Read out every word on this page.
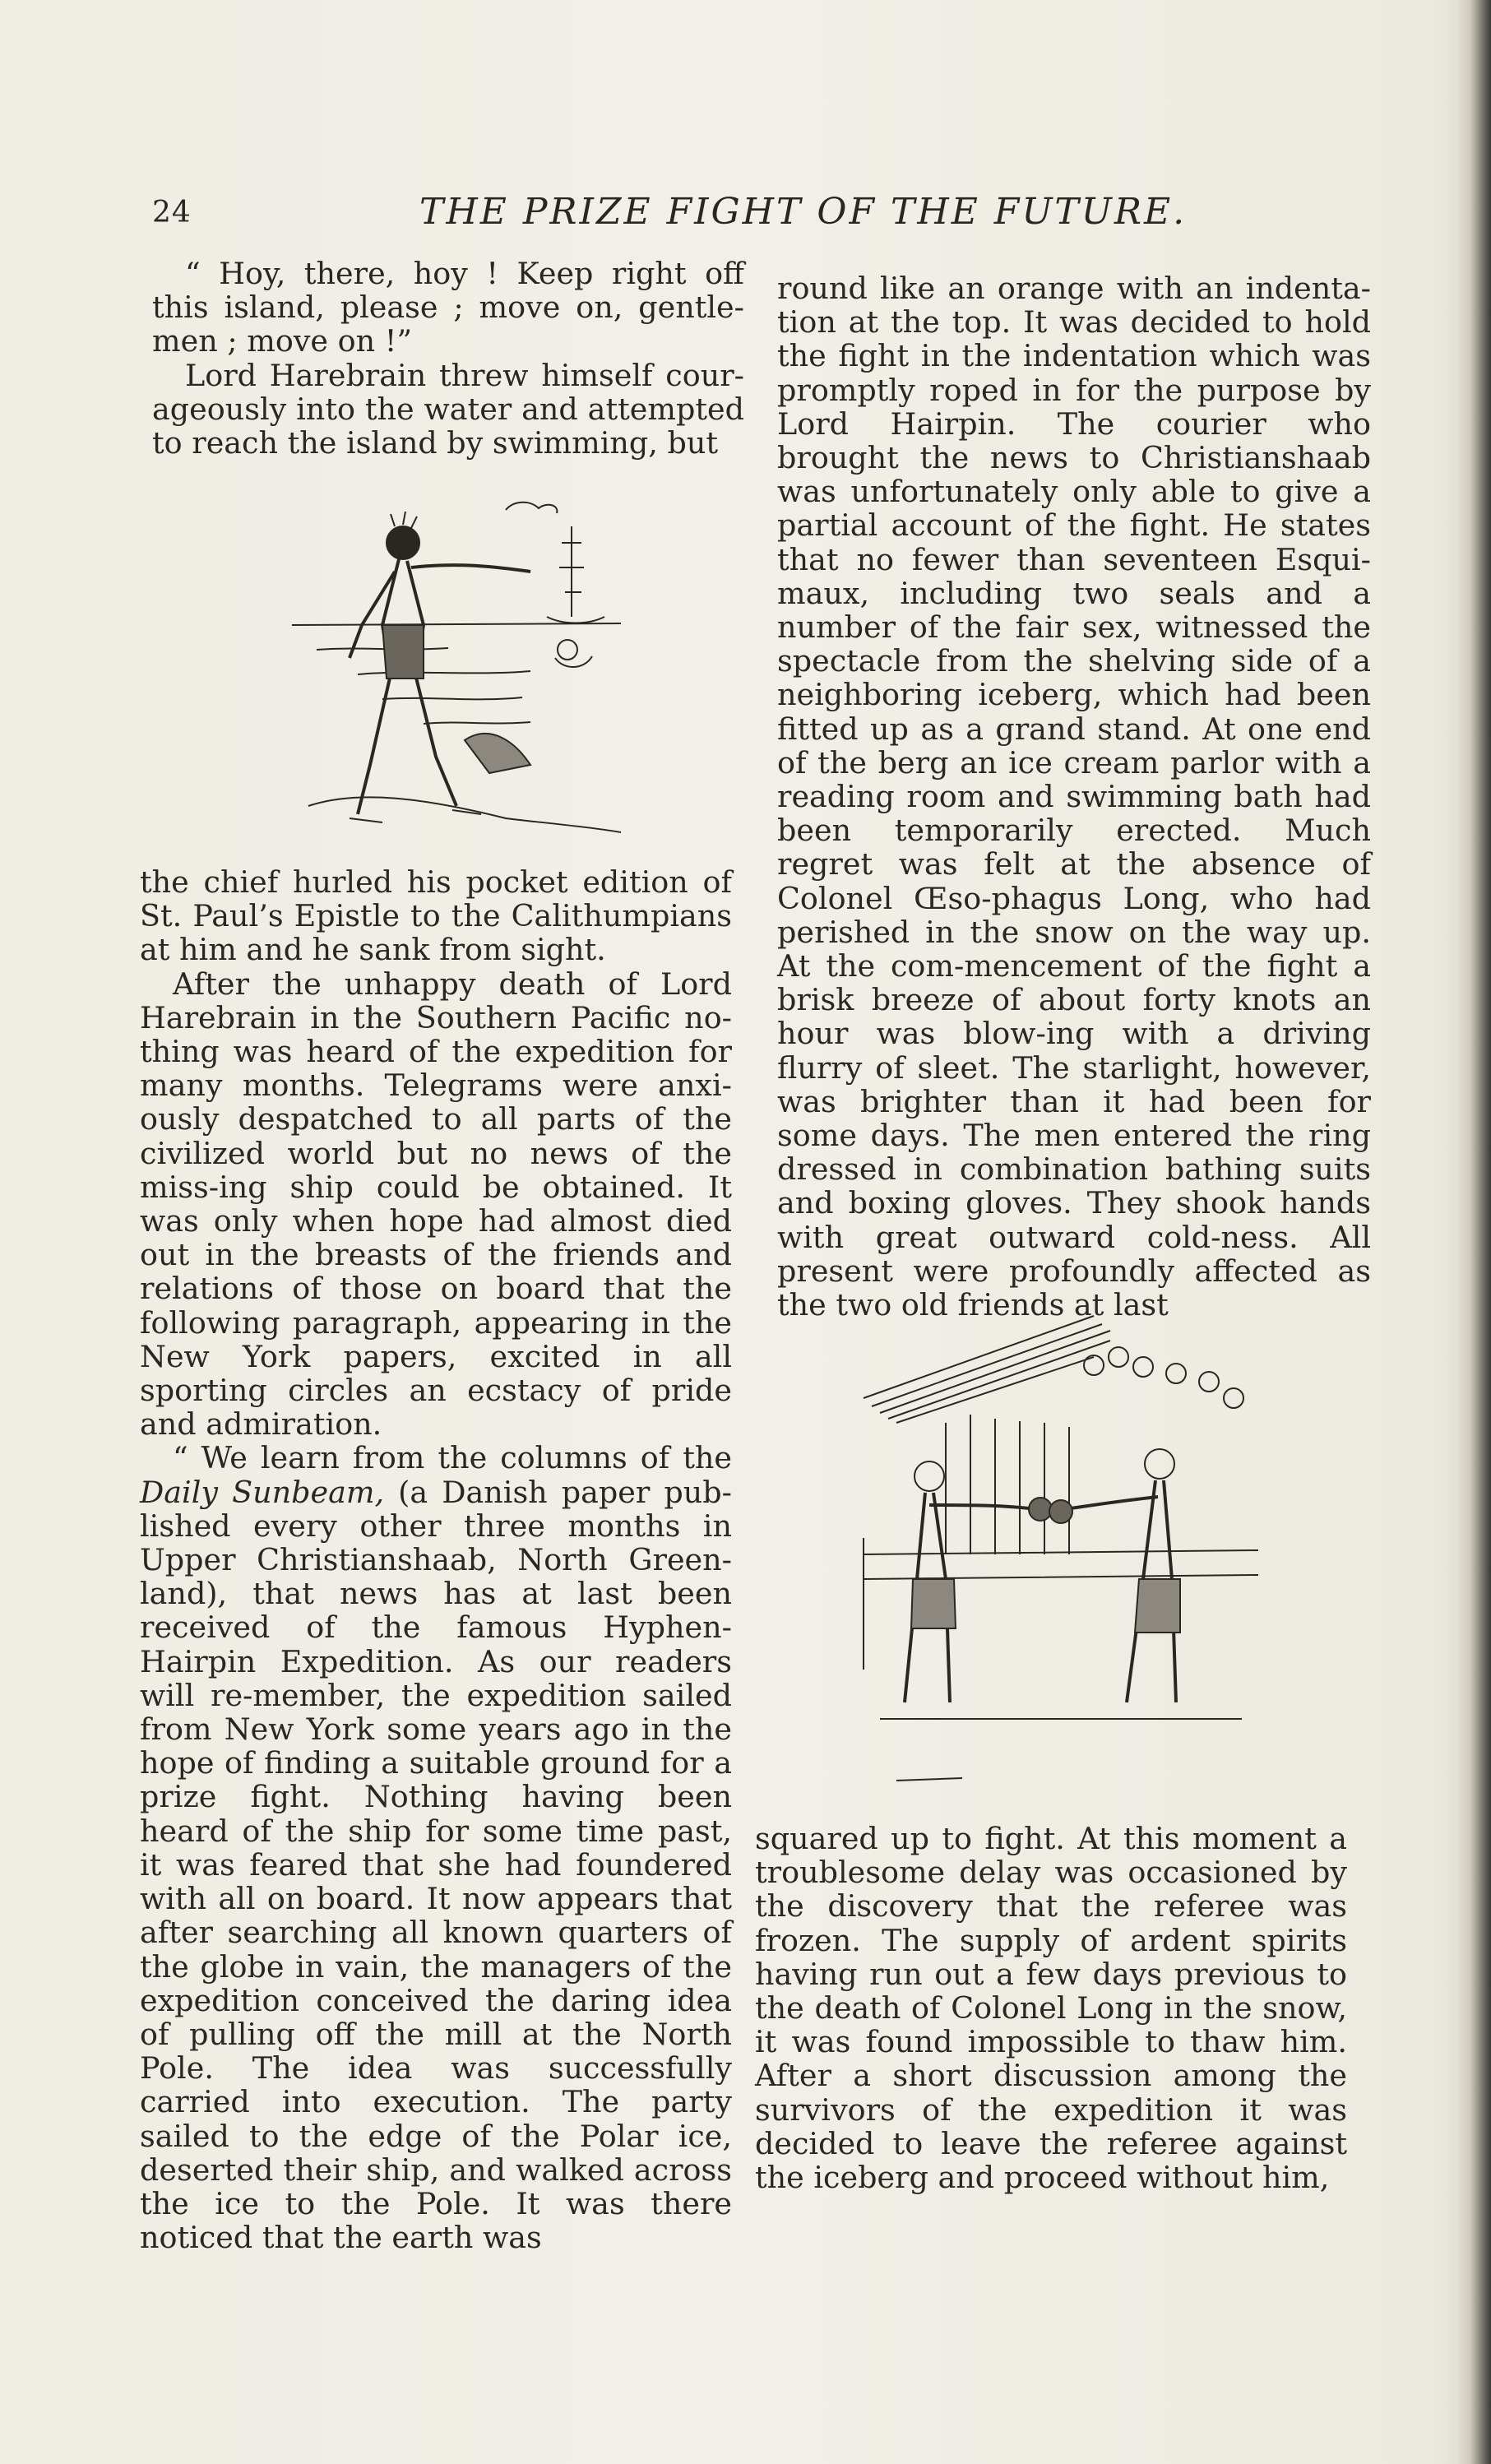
24	THE PRIZE FIGHT OF THE FUTURE.

“ Hoy, there, hoy ! Keep right off this island, please ; move on, gentle-men ; move on !”

Lord Harebrain threw himself cour-ageously into the water and attempted to reach the island by swimming, but

the chief hurled his pocket edition of St. Paul’s Epistle to the Calithumpians at him and he sank from sight.

After the unhappy death of Lord Harebrain in the Southern Pacific no-thing was heard of the expedition for many months. Telegrams were anxi-ously despatched to all parts of the civilized world but no news of the miss-ing ship could be obtained. It was only when hope had almost died out in the breasts of the friends and relations of those on board that the following paragraph, appearing in the New York papers, excited in all sporting circles an ecstacy of pride and admiration.

“ We learn from the columns of the Daily Sunbeam, (a Danish paper pub-lished every other three months in Upper Christianshaab, North Green-land), that news has at last been received of the famous Hyphen-Hairpin Expedition. As our readers will re-member, the expedition sailed from New York some years ago in the hope of finding a suitable ground for a prize fight. Nothing having been heard of the ship for some time past, it was feared that she had foundered with all on board. It now appears that after searching all known quarters of the globe in vain, the managers of the expedition conceived the daring idea of pulling off the mill at the North Pole. The idea was successfully carried into execution. The party sailed to the edge of the Polar ice, deserted their ship, and walked across the ice to the Pole. It was there noticed that the earth was

round like an orange with an indenta-tion at the top. It was decided to hold the fight in the indentation which was promptly roped in for the purpose by Lord Hairpin. The courier who brought the news to Christianshaab was unfortunately only able to give a partial account of the fight. He states that no fewer than seventeen Esqui-maux, including two seals and a number of the fair sex, witnessed the spectacle from the shelving side of a neighboring iceberg, which had been fitted up as a grand stand. At one end of the berg an ice cream parlor with a reading room and swimming bath had been temporarily erected. Much regret was felt at the absence of Colonel Œso-phagus Long, who had perished in the snow on the way up. At the com-mencement of the fight a brisk breeze of about forty knots an hour was blow-ing with a driving flurry of sleet. The starlight, however, was brighter than it had been for some days. The men entered the ring dressed in combination bathing suits and boxing gloves. They shook hands with great outward cold-ness. All present were profoundly affected as the two old friends at last

squared up to fight. At this moment a troublesome delay was occasioned by the discovery that the referee was frozen. The supply of ardent spirits having run out a few days previous to the death of Colonel Long in the snow, it was found impossible to thaw him. After a short discussion among the survivors of the expedition it was decided to leave the referee against the iceberg and proceed without him,
